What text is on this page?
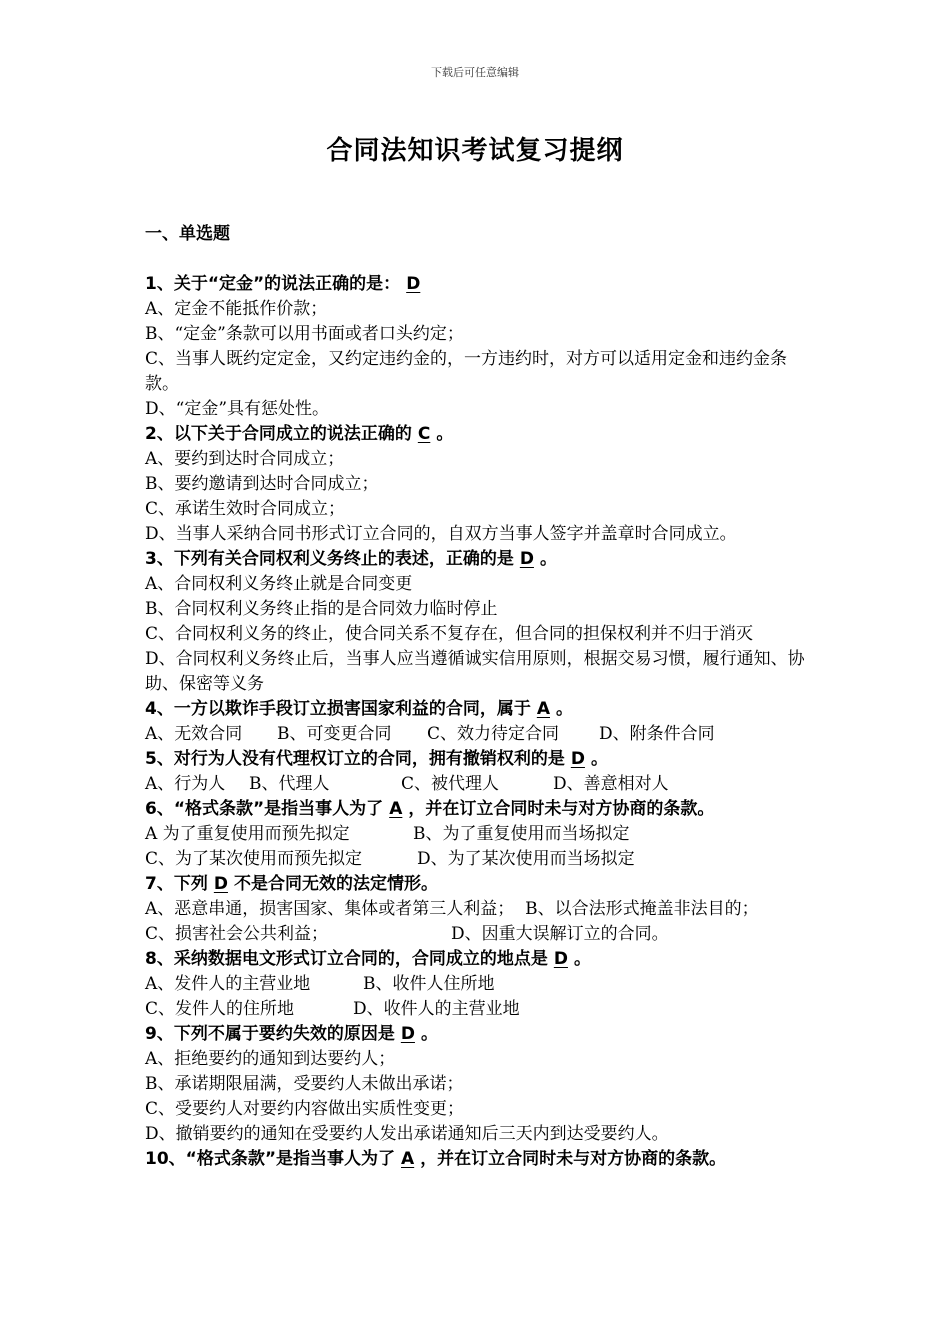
下载后可任意编辑
合同法知识考试复习提纲
一、单选题
1、关于“定金”的说法正确的是： D
A、定金不能抵作价款；
B、“定金”条款可以用书面或者口头约定；
C、当事人既约定定金，又约定违约金的，一方违约时，对方可以适用定金和违约金条款。
D、“定金”具有惩处性。
2、以下关于合同成立的说法正确的 C 。
A、要约到达时合同成立；
B、要约邀请到达时合同成立；
C、承诺生效时合同成立；
D、当事人采纳合同书形式订立合同的，自双方当事人签字并盖章时合同成立。
3、下列有关合同权利义务终止的表述，正确的是 D 。
A、合同权利义务终止就是合同变更
B、合同权利义务终止指的是合同效力临时停止
C、合同权利义务的终止，使合同关系不复存在，但合同的担保权利并不归于消灭
D、合同权利义务终止后，当事人应当遵循诚实信用原则，根据交易习惯，履行通知、协助、保密等义务
4、一方以欺诈手段订立损害国家利益的合同，属于 A 。
A、无效合同 B、可变更合同 C、效力待定合同 D、附条件合同
5、对行为人没有代理权订立的合同，拥有撤销权利的是 D 。
A、行为人 B、代理人	C、被代理人	D、善意相对人
6、“格式条款”是指当事人为了 A ，并在订立合同时未与对方协商的条款。
A 为了重复使用而预先拟定	B、为了重复使用而当场拟定
C、为了某次使用而预先拟定	D、为了某次使用而当场拟定
7、下列 D 不是合同无效的法定情形。
A、恶意串通，损害国家、集体或者第三人利益； B、以合法形式掩盖非法目的；
C、损害社会公共利益；	D、因重大误解订立的合同。
8、采纳数据电文形式订立合同的，合同成立的地点是 D 。
A、发件人的主营业地	B、收件人住所地
C、发件人的住所地	D、收件人的主营业地
9、下列不属于要约失效的原因是 D 。
A、拒绝要约的通知到达要约人；
B、承诺期限届满，受要约人未做出承诺；
C、受要约人对要约内容做出实质性变更；
D、撤销要约的通知在受要约人发出承诺通知后三天内到达受要约人。
10、“格式条款”是指当事人为了 A ，并在订立合同时未与对方协商的条款。
